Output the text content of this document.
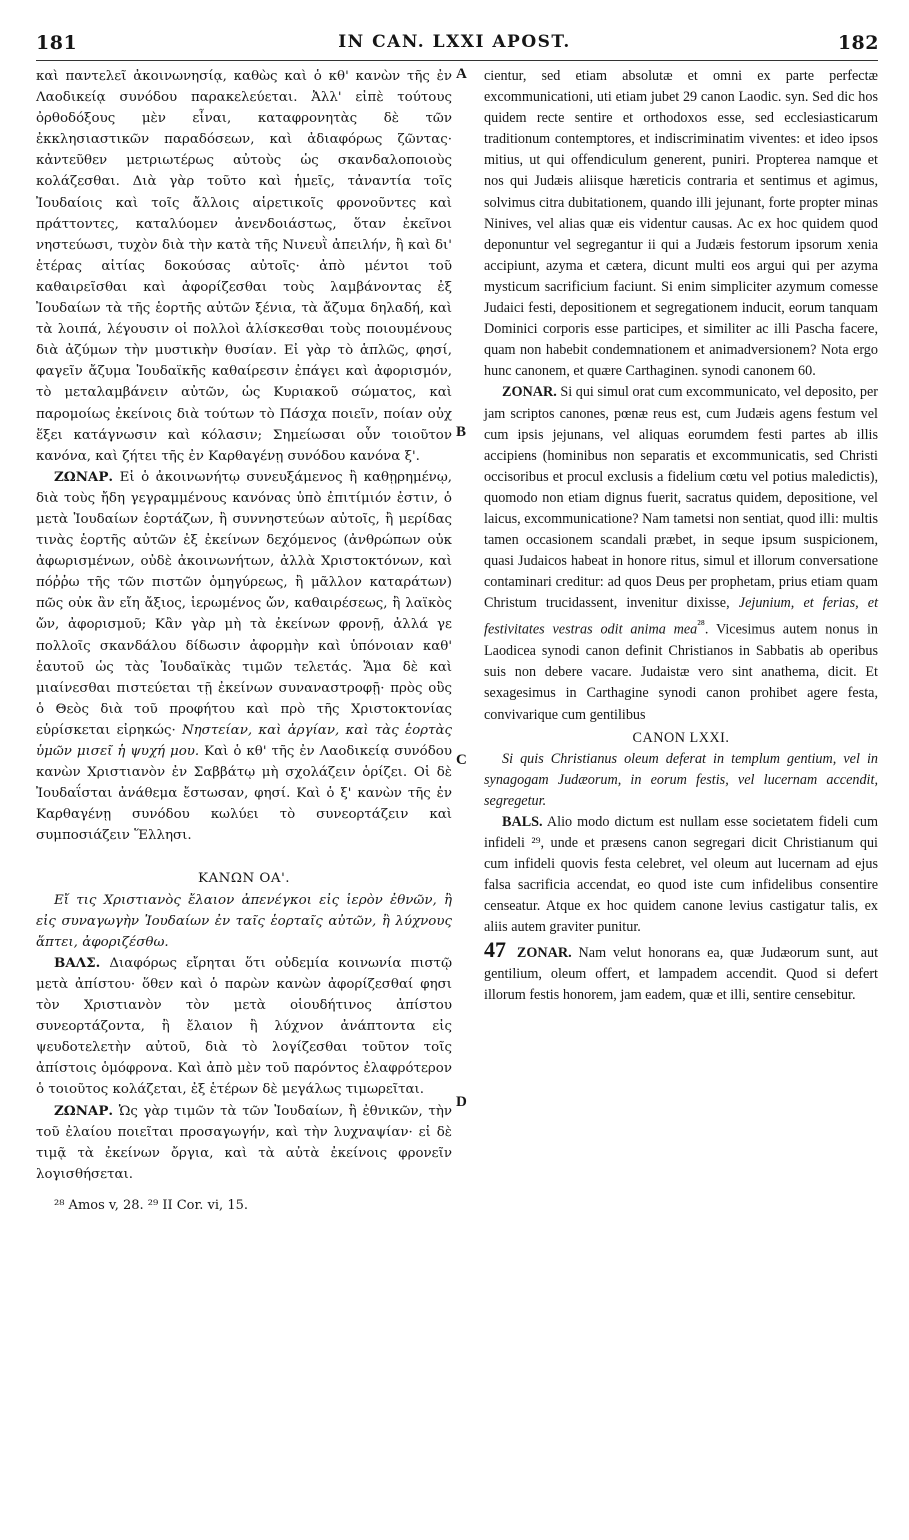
181	IN CAN. LXXI APOST.	182

καὶ παντελεῖ ἀκοινωνησίᾳ, καθὼς καὶ ὁ κθ' κανὼν τῆς ἐν Λαοδικείᾳ συνόδου παρακελεύεται. Ἀλλ' εἰπὲ τούτους ὀρθοδόξους μὲν εἶναι, καταφρονητὰς δὲ τῶν ἐκκλησιαστικῶν παραδόσεων, καὶ ἀδιαφόρως ζῶντας· κἀντεῦθεν μετριωτέρως αὐτοὺς ὡς σκανδαλοποιοὺς κολάζεσθαι. Διὰ γὰρ τοῦτο καὶ ἡμεῖς, τἀναντία τοῖς Ἰουδαίοις καὶ τοῖς ἄλλοις αἱρετικοῖς φρονοῦντες καὶ πράττοντες, καταλύομεν ἀνενδοιάστως, ὅταν ἐκεῖνοι νηστεύωσι, τυχὸν διὰ τὴν κατὰ τῆς Νινευῒ ἀπειλήν, ἢ καὶ δι' ἑτέρας αἰτίας δοκούσας αὐτοῖς· ἀπὸ μέντοι τοῦ καθαιρεῖσθαι καὶ ἀφορίζεσθαι τοὺς λαμβάνοντας ἐξ Ἰουδαίων τὰ τῆς ἑορτῆς αὐτῶν ξένια, τὰ ἄζυμα δηλαδή, καὶ τὰ λοιπά, λέγουσιν οἱ πολλοὶ ἁλίσκεσθαι τοὺς ποιουμένους διὰ ἀζύμων τὴν μυστικὴν θυσίαν. Εἰ γὰρ τὸ ἁπλῶς, φησί, φαγεῖν ἄζυμα Ἰουδαϊκῆς καθαίρεσιν ἐπάγει καὶ ἀφορισμόν, τὸ μεταλαμβάνειν αὐτῶν, ὡς Κυριακοῦ σώματος, καὶ παρομοίως ἐκείνοις διὰ τούτων τὸ Πάσχα ποιεῖν, ποίαν οὐχ ἕξει κατάγνωσιν καὶ κόλασιν; Σημείωσαι οὖν τοιοῦτον κανόνα, καὶ ζήτει τῆς ἐν Καρθαγένῃ συνόδου κανόνα ξ'.

ΖΩΝΑΡ. Εἰ ὁ ἀκοινωνήτῳ συνευξάμενος ἢ καθῃρημένῳ, διὰ τοὺς ἤδη γεγραμμένους κανόνας ὑπὸ ἐπιτίμιόν ἐστιν, ὁ μετὰ Ἰουδαίων ἑορτάζων, ἢ συννηστεύων αὐτοῖς, ἢ μερίδας τινὰς ἑορτῆς αὐτῶν ἐξ ἐκείνων δεχόμενος (ἀνθρώπων οὐκ ἀφωρισμένων, οὐδὲ ἀκοινωνήτων, ἀλλὰ Χριστοκτόνων, καὶ πόῤῥω τῆς τῶν πιστῶν ὁμηγύρεως, ἢ μᾶλλον καταράτων) πῶς οὐκ ἂν εἴη ἄξιος, ἱερωμένος ὤν, καθαιρέσεως, ἢ λαϊκὸς ὤν, ἀφορισμοῦ; Κἂν γὰρ μὴ τὰ ἐκείνων φρονῇ, ἀλλά γε πολλοῖς σκανδάλου δίδωσιν ἀφορμὴν καὶ ὑπόνοιαν καθ' ἑαυτοῦ ὡς τὰς Ἰουδαϊκὰς τιμῶν τελετάς. Ἅμα δὲ καὶ μιαίνεσθαι πιστεύεται τῇ ἐκείνων συναναστροφῇ· πρὸς οὓς ὁ Θεὸς διὰ τοῦ προφήτου καὶ πρὸ τῆς Χριστοκτονίας εὑρίσκεται εἰρηκώς· Νηστείαν, καὶ ἀργίαν, καὶ τὰς ἑορτὰς ὑμῶν μισεῖ ἡ ψυχή μου. Καὶ ὁ κθ' τῆς ἐν Λαοδικείᾳ συνόδου κανὼν Χριστιανὸν ἐν Σαββάτῳ μὴ σχολάζειν ὁρίζει. Οἱ δὲ Ἰουδαΐσται ἀνάθεμα ἔστωσαν, φησί. Καὶ ὁ ξ' κανὼν τῆς ἐν Καρθαγένῃ συνόδου κωλύει τὸ συνεορτάζειν καὶ συμποσιάζειν Ἕλλησι.

ΚΑΝΩΝ ΟΑ'.

Εἴ τις Χριστιανὸς ἔλαιον ἀπενέγκοι εἰς ἱερὸν ἐθνῶν, ἢ εἰς συναγωγὴν Ἰουδαίων ἐν ταῖς ἑορταῖς αὐτῶν, ἢ λύχνους ἅπτει, ἀφοριζέσθω.

ΒΑΛΣ. Διαφόρως εἴρηται ὅτι οὐδεμία κοινωνία πιστῷ μετὰ ἀπίστου· ὅθεν καὶ ὁ παρὼν κανὼν ἀφορίζεσθαί φησι τὸν Χριστιανὸν τὸν μετὰ οἱουδήτινος ἀπίστου συνεορτάζοντα, ἢ ἔλαιον ἢ λύχνον ἀνάπτοντα εἰς ψευδοτελετὴν αὐτοῦ, διὰ τὸ λογίζεσθαι τοῦτον τοῖς ἀπίστοις ὁμόφρονα. Καὶ ἀπὸ μὲν τοῦ παρόντος ἐλαφρότερον ὁ τοιοῦτος κολάζεται, ἐξ ἑτέρων δὲ μεγάλως τιμωρεῖται.

ΖΩΝΑΡ. Ὡς γὰρ τιμῶν τὰ τῶν Ἰουδαίων, ἢ ἐθνικῶν, τὴν τοῦ ἐλαίου ποιεῖται προσαγωγήν, καὶ τὴν λυχναψίαν· εἰ δὲ τιμᾷ τὰ ἐκείνων ὄργια, καὶ τὰ αὐτὰ ἐκείνοις φρονεῖν λογισθήσεται.

²⁸ Amos v, 28. ²⁹ II Cor. vi, 15.

A
B
C
D

cientur, sed etiam absolutæ et omni ex parte perfectæ excommunicationi, uti etiam jubet 29 canon Laodic. syn. Sed dic hos quidem recte sentire et orthodoxos esse, sed ecclesiasticarum traditionum contemptores, et indiscriminatim viventes: et ideo ipsos mitius, ut qui offendiculum generent, puniri. Propterea namque et nos qui Judæis aliisque hæreticis contraria et sentimus et agimus, solvimus citra dubitationem, quando illi jejunant, forte propter minas Ninives, vel alias quæ eis videntur causas. Ac ex hoc quidem quod deponuntur vel segregantur ii qui a Judæis festorum ipsorum xenia accipiunt, azyma et cætera, dicunt multi eos argui qui per azyma mysticum sacrificium faciunt. Si enim simpliciter azymum comesse Judaici festi, depositionem et segregationem inducit, eorum tanquam Dominici corporis esse participes, et similiter ac illi Pascha facere, quam non habebit condemnationem et animadversionem? Nota ergo hunc canonem, et quære Carthaginen. synodi canonem 60.

ZONAR. Si qui simul orat cum excommunicato, vel deposito, per jam scriptos canones, pœnæ reus est, cum Judæis agens festum vel cum ipsis jejunans, vel aliquas eorumdem festi partes ab illis accipiens (hominibus non separatis et excommunicatis, sed Christi occisoribus et procul exclusis a fidelium cœtu vel potius maledictis), quomodo non etiam dignus fuerit, sacratus quidem, depositione, vel laicus, excommunicatione? Nam tametsi non sentiat, quod illi: multis tamen occasionem scandali præbet, in seque ipsum suspicionem, quasi Judaicos habeat in honore ritus, simul et illorum conversatione contaminari creditur: ad quos Deus per prophetam, prius etiam quam Christum trucidassent, invenitur dixisse, Jejunium, et ferias, et festivitates vestras odit anima mea$^{^{28}}$. Vicesimus autem nonus in Laodicea synodi canon definit Christianos in Sabbatis ab operibus suis non debere vacare. Judaistæ vero sint anathema, dicit. Et sexagesimus in Carthagine synodi canon prohibet agere festa, convivarique cum gentilibus

CANON LXXI.

Si quis Christianus oleum deferat in templum gentium, vel in synagogam Judæorum, in eorum festis, vel lucernam accendit, segregetur.

BALS. Alio modo dictum est nullam esse societatem fideli cum infideli ²⁹, unde et præsens canon segregari dicit Christianum qui cum infideli quovis festa celebret, vel oleum aut lucernam ad ejus falsa sacrificia accendat, eo quod iste cum infidelibus consentire censeatur. Atque ex hoc quidem canone levius castigatur talis, ex aliis autem graviter punitur.

47 ZONAR. Nam velut honorans ea, quæ Judæorum sunt, aut gentilium, oleum offert, et lampadem accendit. Quod si defert illorum festis honorem, jam eadem, quæ et illi, sentire censebitur.
